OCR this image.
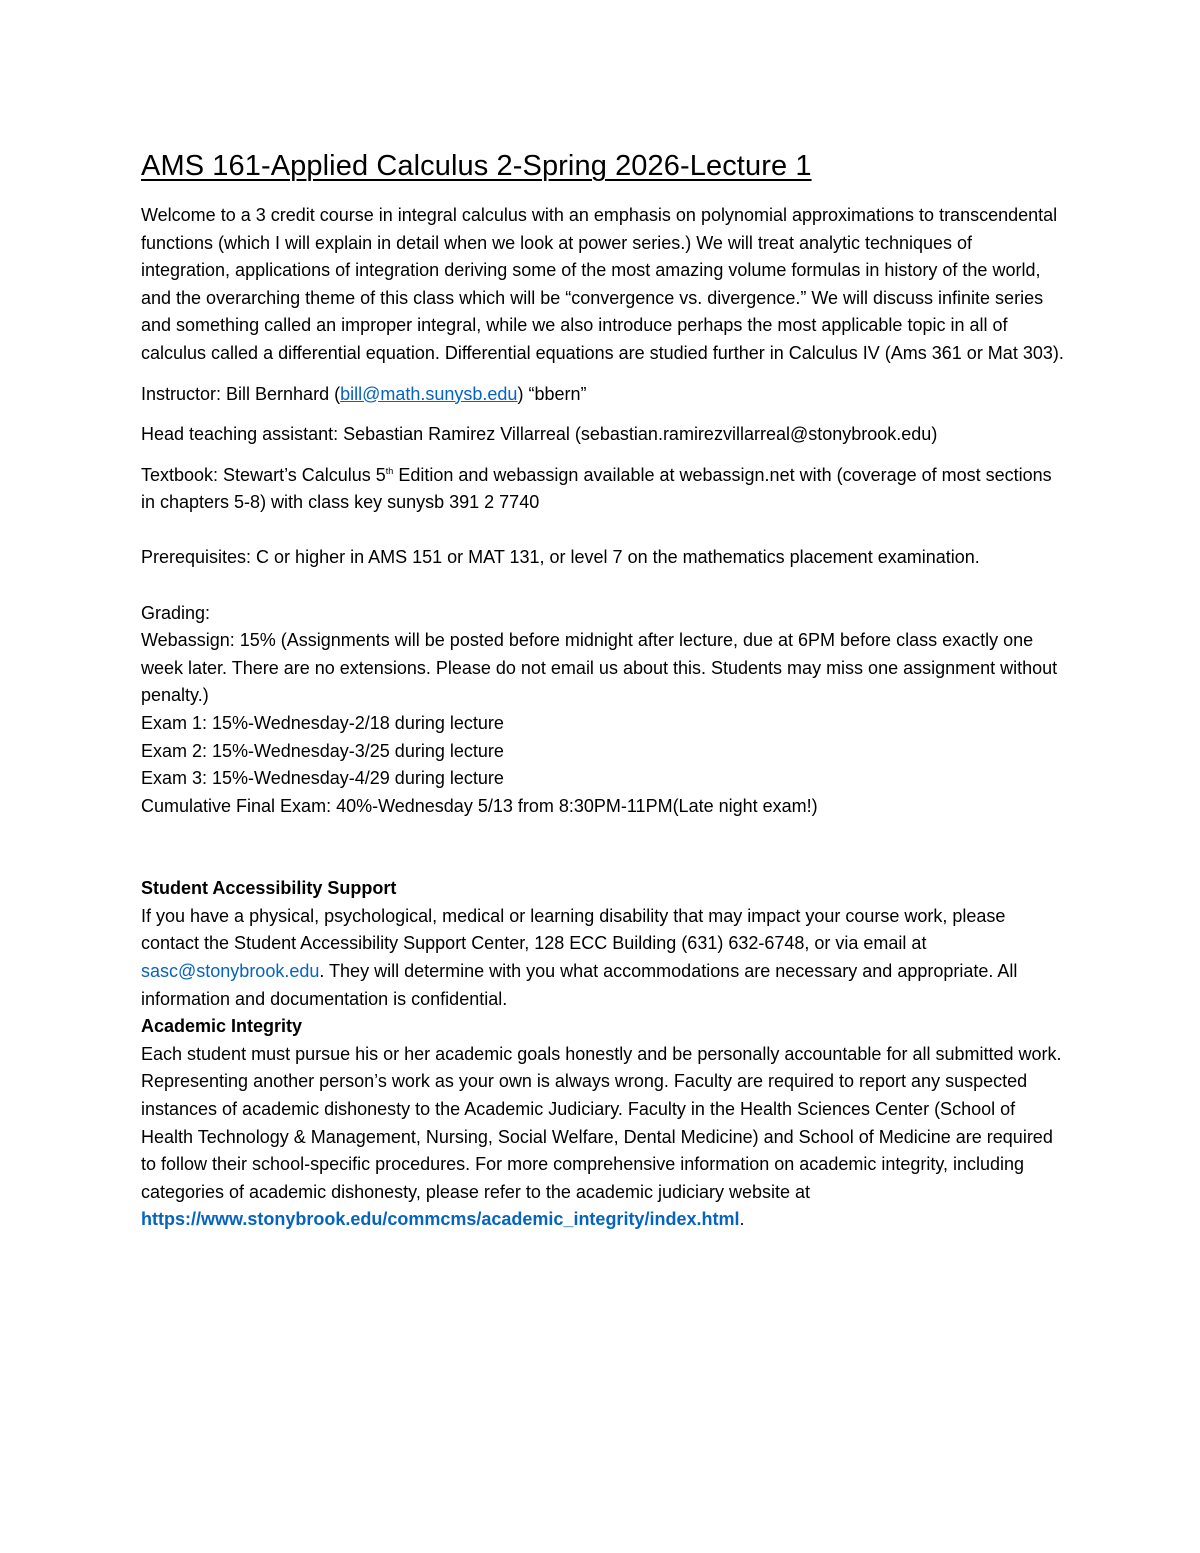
AMS 161-Applied Calculus 2-Spring 2026-Lecture 1

Welcome to a 3 credit course in integral calculus with an emphasis on polynomial approximations to transcendental functions (which I will explain in detail when we look at power series.) We will treat analytic techniques of integration, applications of integration deriving some of the most amazing volume formulas in history of the world, and the overarching theme of this class which will be “convergence vs. divergence.” We will discuss infinite series and something called an improper integral, while we also introduce perhaps the most applicable topic in all of calculus called a differential equation. Differential equations are studied further in Calculus IV (Ams 361 or Mat 303).

Instructor: Bill Bernhard (bill@math.sunysb.edu) “bbern”

Head teaching assistant: Sebastian Ramirez Villarreal (sebastian.ramirezvillarreal@stonybrook.edu)

Textbook: Stewart’s Calculus 5th Edition and webassign available at webassign.net with (coverage of most sections in chapters 5-8) with class key sunysb 391 2 7740

Prerequisites: C or higher in AMS 151 or MAT 131, or level 7 on the mathematics placement examination.

Grading:
Webassign: 15% (Assignments will be posted before midnight after lecture, due at 6PM before class exactly one week later. There are no extensions. Please do not email us about this. Students may miss one assignment without penalty.)
Exam 1: 15%-Wednesday-2/18 during lecture
Exam 2: 15%-Wednesday-3/25 during lecture
Exam 3: 15%-Wednesday-4/29 during lecture
Cumulative Final Exam: 40%-Wednesday 5/13 from 8:30PM-11PM(Late night exam!)
Student Accessibility Support
If you have a physical, psychological, medical or learning disability that may impact your course work, please contact the Student Accessibility Support Center, 128 ECC Building (631) 632-6748, or via email at sasc@stonybrook.edu. They will determine with you what accommodations are necessary and appropriate. All information and documentation is confidential.
Academic Integrity
Each student must pursue his or her academic goals honestly and be personally accountable for all submitted work. Representing another person’s work as your own is always wrong. Faculty are required to report any suspected instances of academic dishonesty to the Academic Judiciary. Faculty in the Health Sciences Center (School of Health Technology & Management, Nursing, Social Welfare, Dental Medicine) and School of Medicine are required to follow their school-specific procedures. For more comprehensive information on academic integrity, including categories of academic dishonesty, please refer to the academic judiciary website at
https://www.stonybrook.edu/commcms/academic_integrity/index.html.
